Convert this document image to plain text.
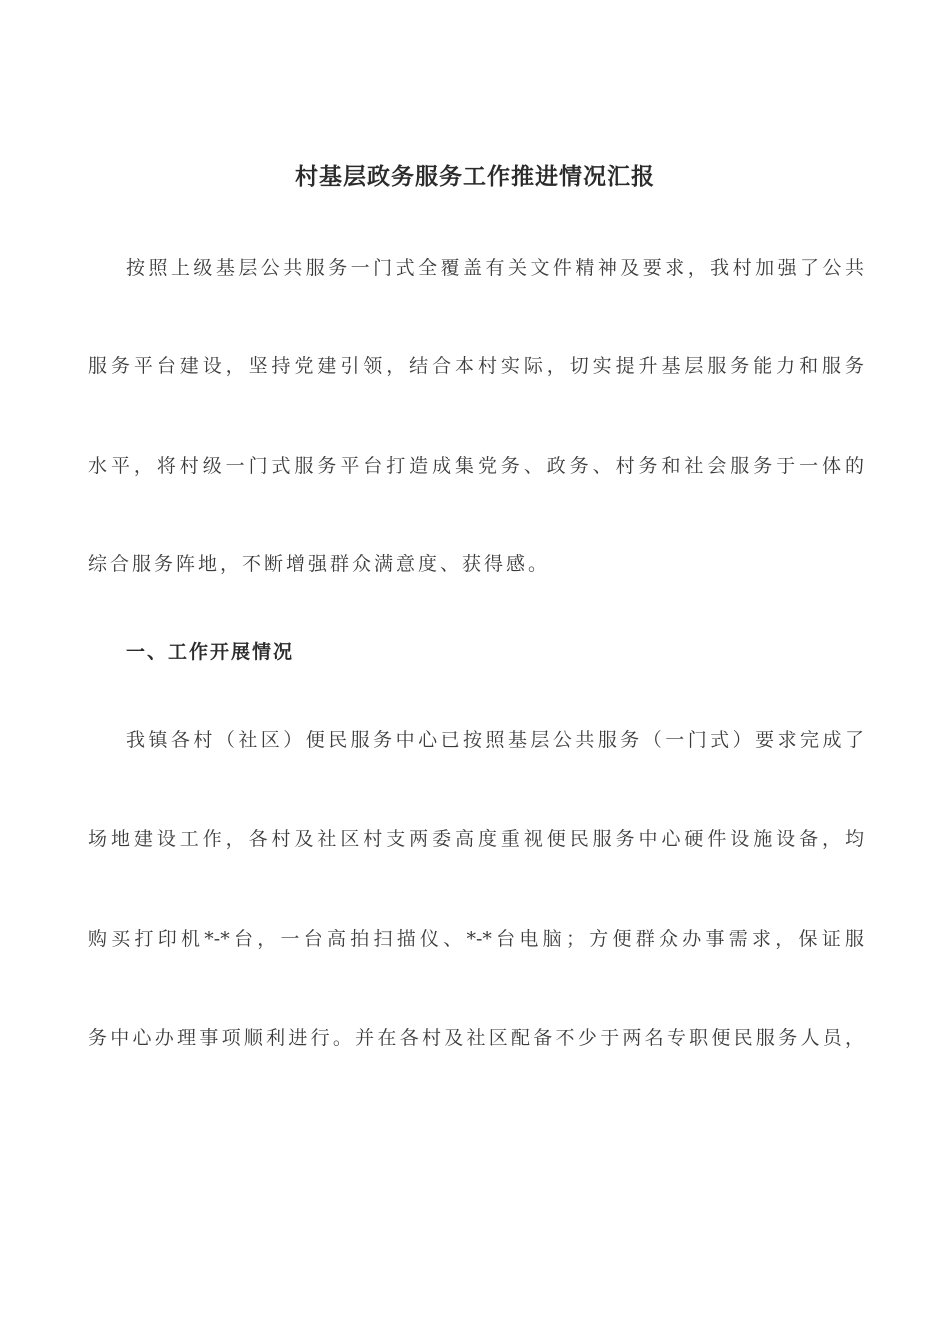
村基层政务服务工作推进情况汇报
按照上级基层公共服务一门式全覆盖有关文件精神及要求，我村加强了公共
服务平台建设，坚持党建引领，结合本村实际，切实提升基层服务能力和服务
水平，将村级一门式服务平台打造成集党务、政务、村务和社会服务于一体的
综合服务阵地，不断增强群众满意度、获得感。
一、工作开展情况
我镇各村（社区）便民服务中心已按照基层公共服务（一门式）要求完成了
场地建设工作，各村及社区村支两委高度重视便民服务中心硬件设施设备，均
购买打印机*-*台，一台高拍扫描仪、*-*台电脑；方便群众办事需求，保证服
务中心办理事项顺利进行。并在各村及社区配备不少于两名专职便民服务人员，
